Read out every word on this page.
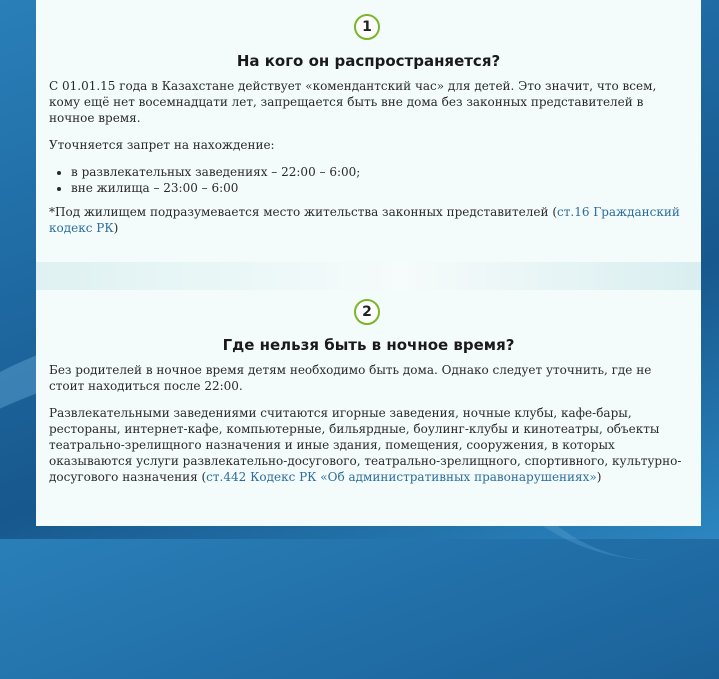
1
На кого он распространяется?
С 01.01.15 года в Казахстане действует «комендантский час» для детей. Это значит, что всем, кому ещё нет восемнадцати лет, запрещается быть вне дома без законных представителей в ночное время.
Уточняется запрет на нахождение:
• в развлекательных заведениях – 22:00 – 6:00;
• вне жилища – 23:00 – 6:00
*Под жилищем подразумевается место жительства законных представителей (ст.16 Гражданский кодекс РК)
2
Где нельзя быть в ночное время?
Без родителей в ночное время детям необходимо быть дома. Однако следует уточнить, где не стоит находиться после 22:00.
Развлекательными заведениями считаются игорные заведения, ночные клубы, кафе-бары, рестораны, интернет-кафе, компьютерные, бильярдные, боулинг-клубы и кинотеатры, объекты театрально-зрелищного назначения и иные здания, помещения, сооружения, в которых оказываются услуги развлекательно-досугового, театрально-зрелищного, спортивного, культурно-досугового назначения (ст.442 Кодекс РК «Об административных правонарушениях»)
